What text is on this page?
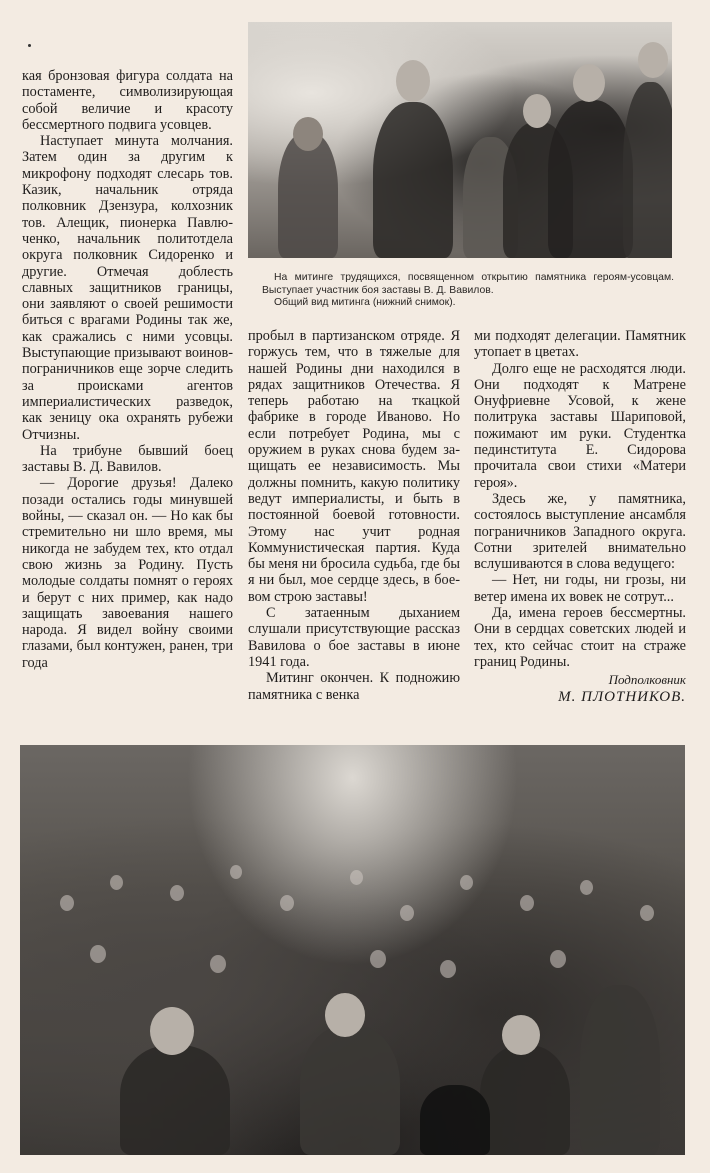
На митинге трудящихся, посвященном открытию памятника героям-усовцам. Выступает участник боя заставы В. Д. Вавилов.

Общий вид митинга (нижний снимок).

кая бронзовая фигура солдата на постаменте, символизирующая собой величие и красоту бессмертного подвига усовцев.

Наступает минута молчания. Затем один за другим к микрофону подходят слесарь тов. Казик, начальник отряда полковник Дзензура, колхозник тов. Алещик, пионерка Павлюченко, начальник политотдела округа полковник Сидоренко и другие. Отмечая доблесть славных защитников границы, они заявляют о своей решимости биться с врагами Родины так же, как сражались с ними усовцы. Выступающие призывают воинов-пограничников еще зорче следить за происками агентов империалистических разведок, как зеницу ока охранять рубежи Отчизны.

На трибуне бывший боец заставы В. Д. Вавилов.

— Дорогие друзья! Далеко позади остались годы минувшей войны, — сказал он. — Но как бы стремительно ни шло время, мы никогда не забудем тех, кто отдал свою жизнь за Родину. Пусть молодые солдаты помнят о героях и берут с них пример, как надо защищать завоевания нашего народа. Я видел войну своими глазами, был контужен, ранен, три года

пробыл в партизанском отряде. Я горжусь тем, что в тяжелые для нашей Родины дни находился в рядах защитников Отечества. Я теперь работаю на ткацкой фабрике в городе Иваново. Но если потребует Родина, мы с оружием в руках снова будем защищать ее независимость. Мы должны помнить, какую политику ведут империалисты, и быть в постоянной боевой готовности. Этому нас учит родная Коммунистическая партия. Куда бы меня ни бросила судьба, где бы я ни был, мое сердце здесь, в боевом строю заставы!

С затаенным дыханием слушали присутствующие рассказ Вавилова о бое заставы в июне 1941 года.

Митинг окончен. К подножию памятника с венка

ми подходят делегации. Памятник утопает в цветах.

Долго еще не расходятся люди. Они подходят к Матрене Онуфриевне Усовой, к жене политрука заставы Шариповой, пожимают им руки. Студентка пединститута Е. Сидорова прочитала свои стихи «Матери героя».

Здесь же, у памятника, состоялось выступление ансамбля пограничников Западного округа. Сотни зрителей внимательно вслушиваются в слова ведущего:

— Нет, ни годы, ни грозы, ни ветер имена их вовек не сотрут...

Да, имена героев бессмертны. Они в сердцах советских людей и тех, кто сейчас стоит на страже границ Родины.

Подполковник
М. ПЛОТНИКОВ.
